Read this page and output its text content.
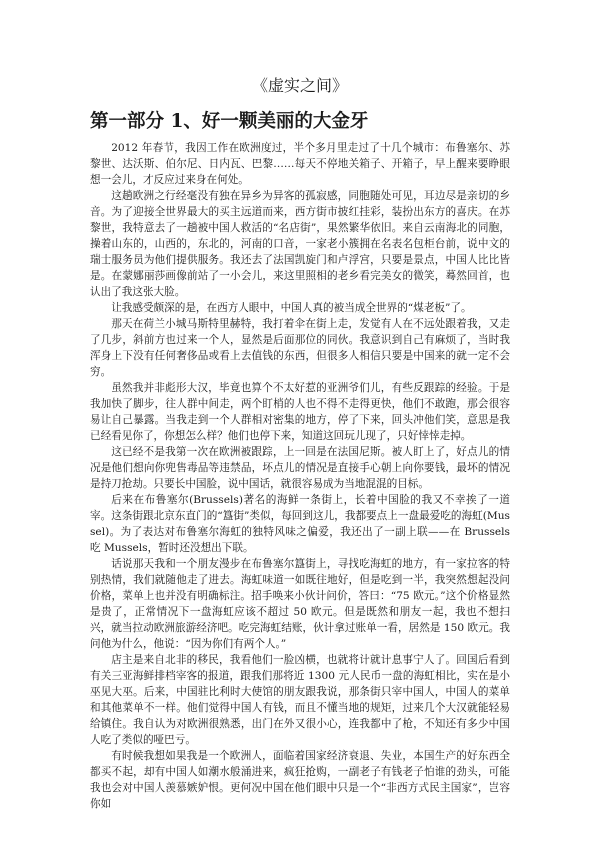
《虚实之间》
第一部分 1、好一颗美丽的大金牙

2012 年春节，我因工作在欧洲度过，半个多月里走过了十几个城市：布鲁塞尔、苏黎世、达沃斯、伯尔尼、日内瓦、巴黎……每天不停地关箱子、开箱子，早上醒来要睁眼想一会儿，才反应过来身在何处。

这趟欧洲之行经毫没有独在异乡为异客的孤寂感，同胞随处可见，耳边尽是亲切的乡音。为了迎接全世界最大的买主远道而来，西方街市披红挂彩，装扮出东方的喜庆。在苏黎世，我特意去了一趟被中国人救活的“名店街”，果然繁华依旧。来自云南海北的同胞，操着山东的，山西的，东北的，河南的口音，一家老小簇拥在名表名包柜台前，说中文的瑞士服务员为他们提供服务。我还去了法国凯旋门和卢浮宫，只要是景点，中国人比比皆是。在蒙娜丽莎画像前站了一小会儿，来这里照相的老乡看完美女的微笑，蓦然回首，也认出了我这张大脸。

让我感受颇深的是，在西方人眼中，中国人真的被当成全世界的“煤老板”了。

那天在荷兰小城马斯特里赫特，我打着伞在街上走，发觉有人在不远处跟着我，又走了几步，斜前方也过来一个人，显然是后面那位的同伙。我意识到自己有麻烦了，当时我浑身上下没有任何奢侈品或看上去值钱的东西，但很多人相信只要是中国来的就一定不会穷。

虽然我并非彪形大汉，毕竟也算个不太好惹的亚洲爷们儿，有些反跟踪的经验。于是我加快了脚步，往人群中间走，两个盯梢的人也不得不走得更快，他们不敢跑，那会很容易让自己暴露。当我走到一个人群相对密集的地方，停了下来，回头冲他们笑，意思是我已经看见你了，你想怎么样？他们也停下来，知道这回玩儿现了，只好悻悻走掉。

这已经不是我第一次在欧洲被跟踪，上一回是在法国尼斯。被人盯上了，好点儿的情况是他们想向你兜售毒品等违禁品，坏点儿的情况是直接手心朝上向你要钱，最坏的情况是持刀抢劫。只要长中国脸，说中国话，就很容易成为当地混混的目标。

后来在布鲁塞尔(Brussels)著名的海鲜一条街上，长着中国脸的我又不幸挨了一道宰。这条街跟北京东直门的“簋街”类似，每回到这儿，我都要点上一盘最爱吃的海虹(Mussel)。为了表达对布鲁塞尔海虹的独特风味之偏爱，我还出了一副上联——在 Brussels 吃 Mussels，暂时还没想出下联。

话说那天我和一个朋友漫步在布鲁塞尔簋街上，寻找吃海虹的地方，有一家拉客的特别热情，我们就随他走了进去。海虹味道一如既往地好，但是吃到一半，我突然想起没问价格，菜单上也并没有明确标注。招手唤来小伙计问价，答曰：“75 欧元。”这个价格显然是贵了，正常情况下一盘海虹应该不超过 50 欧元。但是既然和朋友一起，我也不想扫兴，就当拉动欧洲旅游经济吧。吃完海虹结账，伙计拿过账单一看，居然是 150 欧元。我问他为什么，他说：“因为你们有两个人。”

店主是来自北非的移民，我看他们一脸凶横，也就将计就计息事宁人了。回国后看到有关三亚海鲜排档宰客的报道，跟我们那将近 1300 元人民币一盘的海虹相比，实在是小巫见大巫。后来，中国驻比利时大使馆的朋友跟我说，那条街只宰中国人，中国人的菜单和其他菜单不一样。他们觉得中国人有钱，而且不懂当地的规矩，过来几个大汉就能轻易给镇住。我自认为对欧洲很熟悉，出门在外又很小心，连我都中了枪，不知还有多少中国人吃了类似的哑巴亏。

有时候我想如果我是一个欧洲人，面临着国家经济衰退、失业，本国生产的好东西全都买不起，却有中国人如潮水般涌进来，疯狂抢购，一副老子有钱老子怕谁的劲头，可能我也会对中国人羡慕嫉妒恨。更何况中国在他们眼中只是一个“非西方式民主国家”，岂容你如
